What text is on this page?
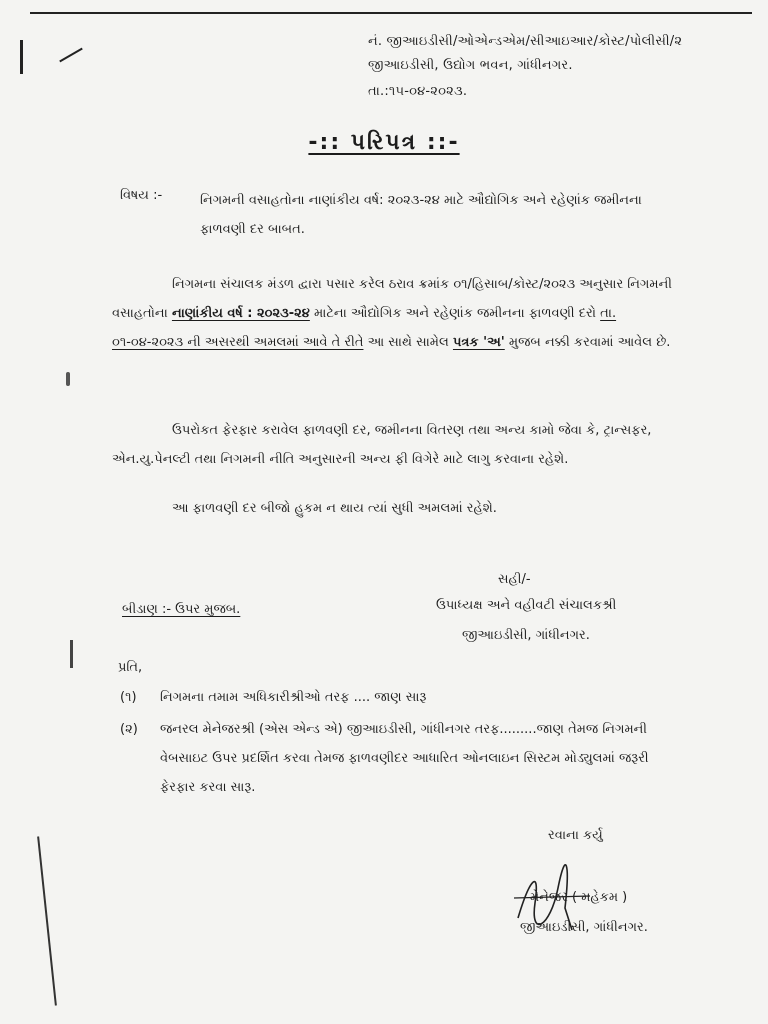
નં. જીઆઇડીસી/ઓએન્ડએમ/સીઆઇઆર/કોસ્ટ/પોલીસી/૨
જીઆઇડીસી, ઉદ્યોગ ભવન, ગાંધીનગર.
તા.:૧૫-૦૪-૨૦૨૩.
-:: પરિપત્ર ::-
વિષય :-	નિગમની વસાહતોના નાણાંકીય વર્ષ: ૨૦૨૩-૨૪ માટે ઔદ્યોગિક અને રહેણાંક જમીનના ફાળવણી દર બાબત.
નિગમના સંચાલક મંડળ દ્વારા પસાર કરેલ ઠરાવ ક્રમાંક ૦૧/હિસાબ/કોસ્ટ/૨૦૨૩ અનુસાર નિગમની વસાહતોના નાણાંકીય વર્ષ : ૨૦૨૩-૨૪ માટેના ઔદ્યોગિક અને રહેણાંક જમીનના ફાળવણી દરો તા. ૦૧-૦૪-૨૦૨૩ ની અસરથી અમલમાં આવે તે રીતે આ સાથે સામેલ પત્રક 'અ' મુજબ નક્કી કરવામાં આવેલ છે.
ઉપરોકત ફેરફાર કરાવેલ ફાળવણી દર, જમીનના વિતરણ તથા અન્ય કામો જેવા કે, ટ્રાન્સફર, એન.યુ.પેનલ્ટી તથા નિગમની નીતિ અનુસારની અન્ય ફી વિગેરે માટે લાગુ કરવાના રહેશે.
આ ફાળવણી દર બીજો હુકમ ન થાય ત્યાં સુધી અમલમાં રહેશે.
સહી/-
ઉપાધ્યક્ષ અને વહીવટી સંચાલકશ્રી
જીઆઇડીસી, ગાંધીનગર.
બીડાણ :- ઉપર મુજબ.
પ્રતિ,
(૧) નિગમના તમામ અધિકારીશ્રીઓ તરફ .... જાણ સારૂ
(૨) જનરલ મેનેજરશ્રી (એસ એન્ડ એ) જીઆઇડીસી, ગાંધીનગર તરફ.........જાણ તેમજ નિગમની વેબસાઇટ ઉપર પ્રદર્શિત કરવા તેમજ ફાળવણીદર આધારિત ઓનલાઇન સિસ્ટમ મોડ્યુલમાં જરૂરી ફેરફાર કરવા સારૂ.
રવાના કર્યુ
મેનેજર ( મહેકમ )
જીઆઇડીસી, ગાંધીનગર.
